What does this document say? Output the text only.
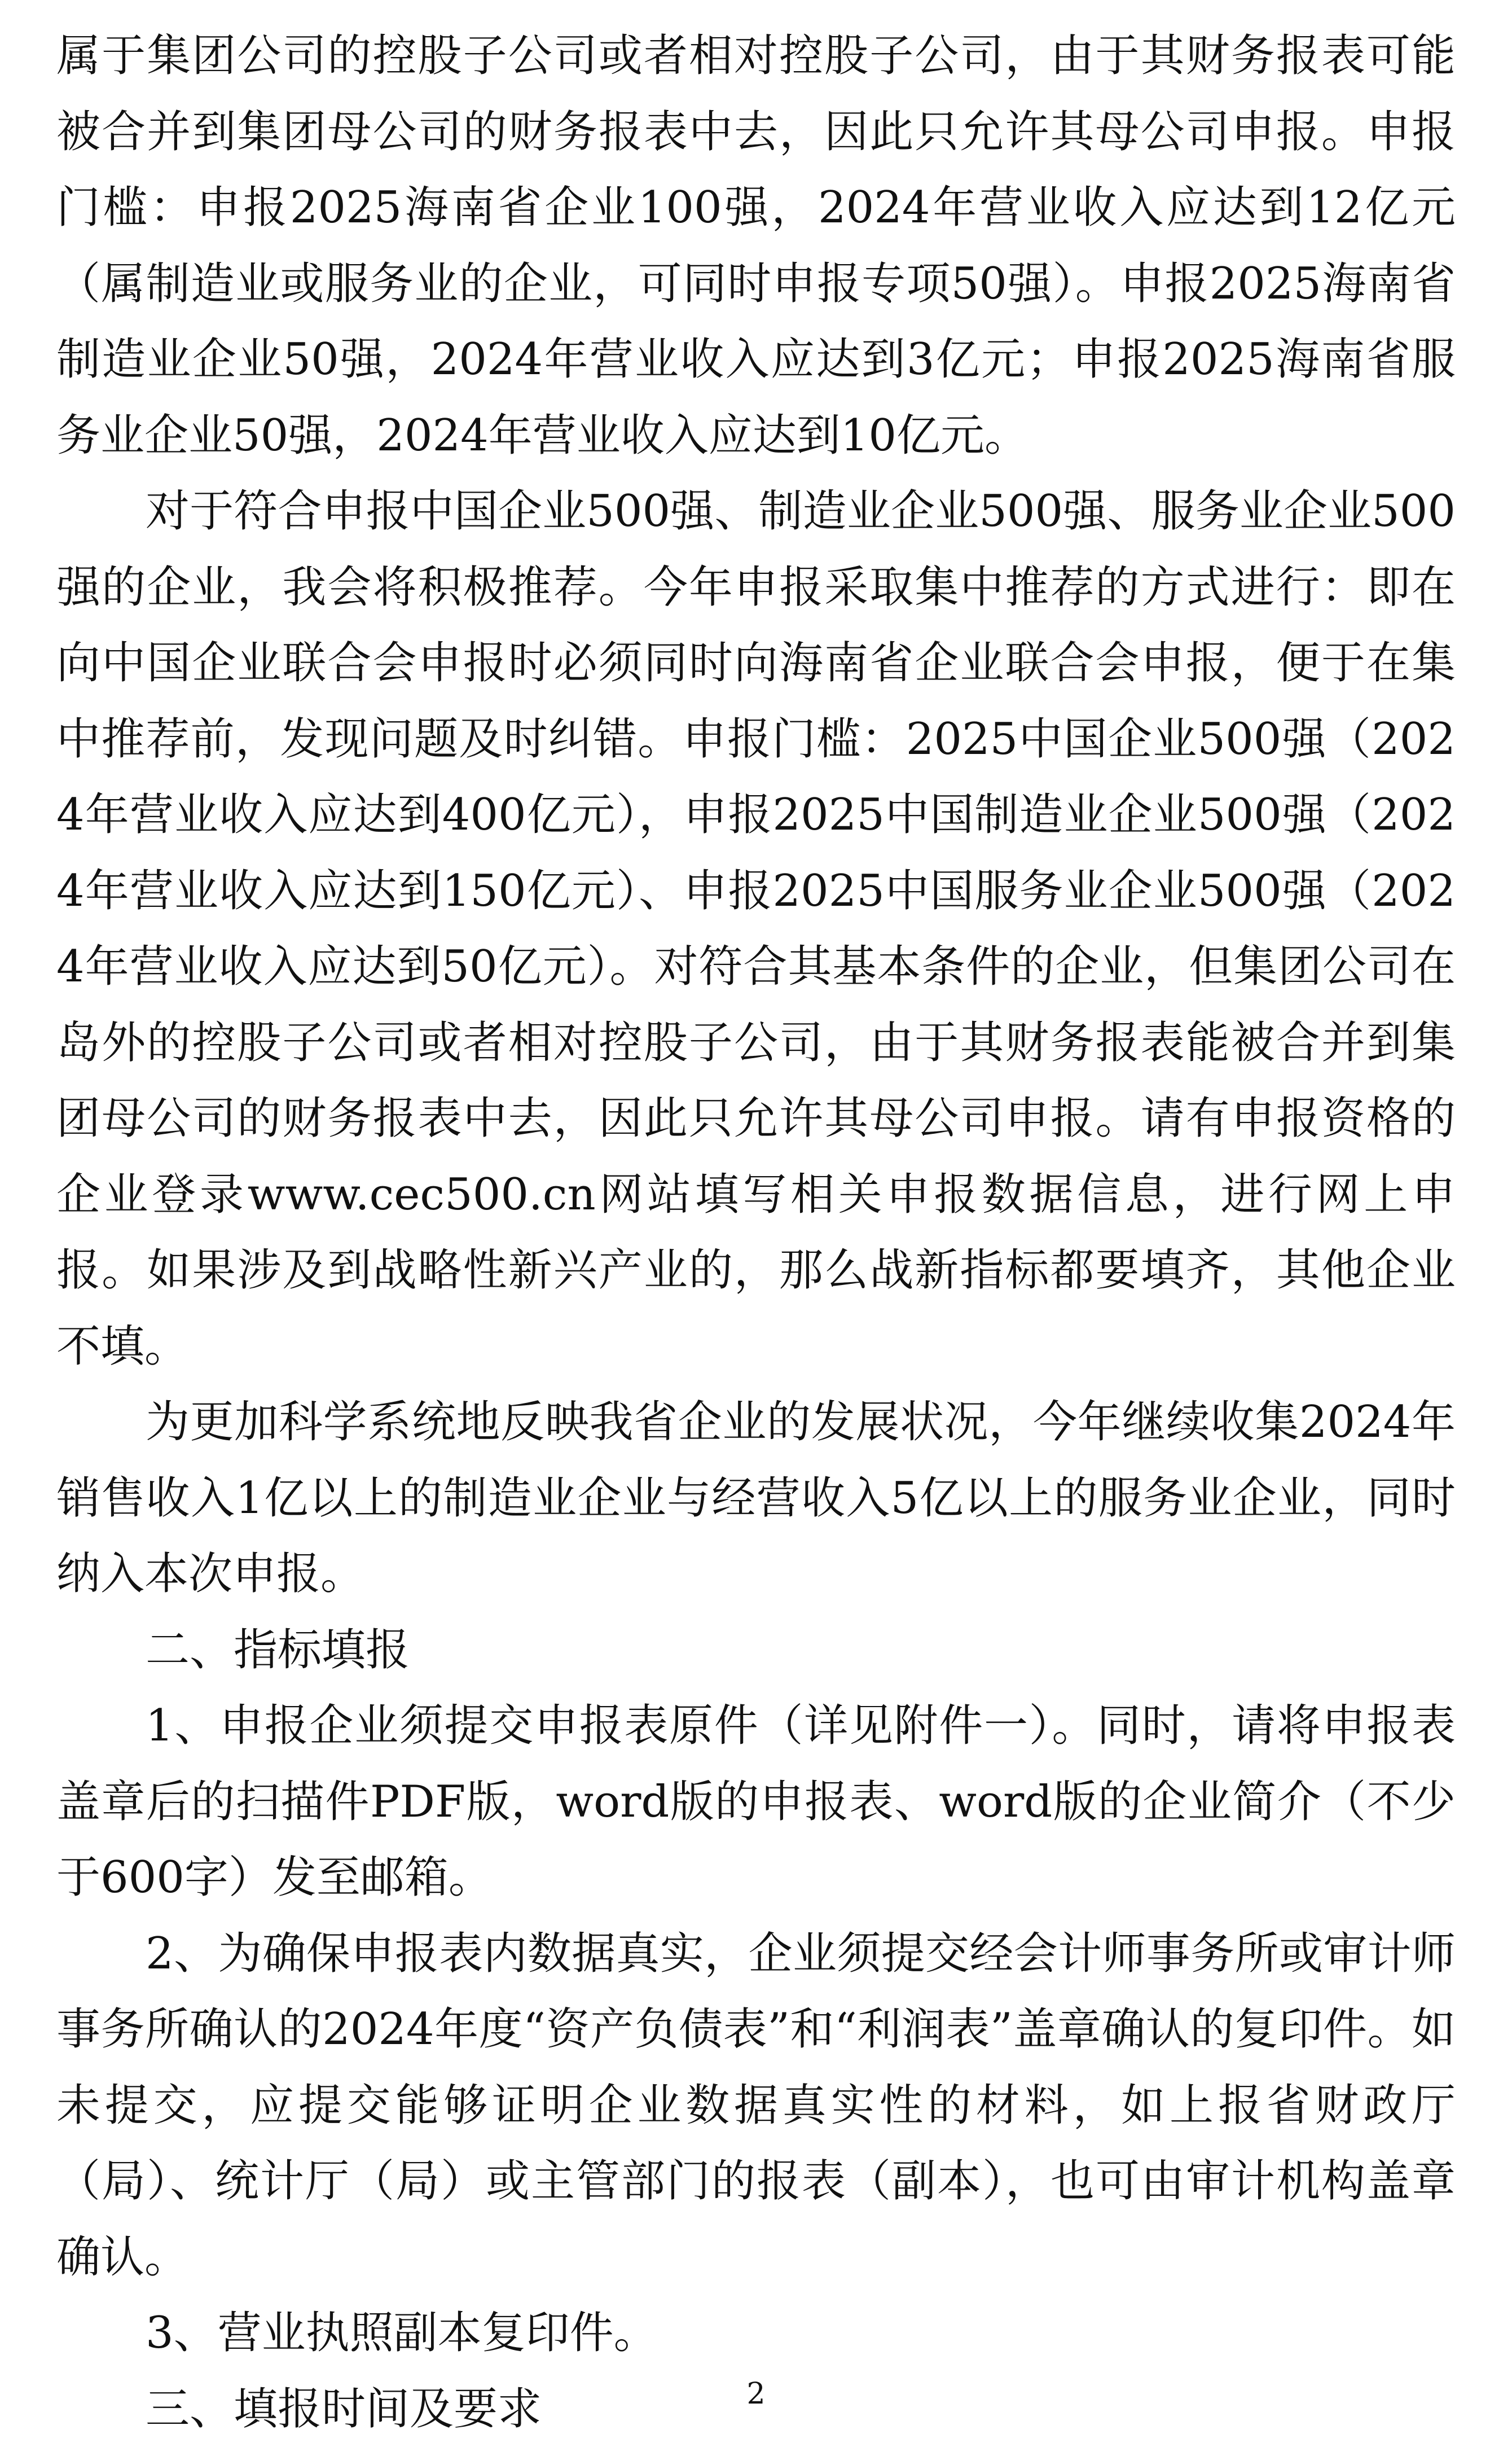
属于集团公司的控股子公司或者相对控股子公司，由于其财务报表可能被合并到集团母公司的财务报表中去，因此只允许其母公司申报。申报门槛：申报2025海南省企业100强，2024年营业收入应达到12亿元（属制造业或服务业的企业，可同时申报专项50强）。申报2025海南省制造业企业50强，2024年营业收入应达到3亿元；申报2025海南省服务业企业50强，2024年营业收入应达到10亿元。

对于符合申报中国企业500强、制造业企业500强、服务业企业500强的企业，我会将积极推荐。今年申报采取集中推荐的方式进行：即在向中国企业联合会申报时必须同时向海南省企业联合会申报，便于在集中推荐前，发现问题及时纠错。申报门槛：2025中国企业500强（2024年营业收入应达到400亿元），申报2025中国制造业企业500强（2024年营业收入应达到150亿元）、申报2025中国服务业企业500强（2024年营业收入应达到50亿元）。对符合其基本条件的企业，但集团公司在岛外的控股子公司或者相对控股子公司，由于其财务报表能被合并到集团母公司的财务报表中去，因此只允许其母公司申报。请有申报资格的企业登录www.cec500.cn网站填写相关申报数据信息，进行网上申报。如果涉及到战略性新兴产业的，那么战新指标都要填齐，其他企业不填。

为更加科学系统地反映我省企业的发展状况，今年继续收集2024年销售收入1亿以上的制造业企业与经营收入5亿以上的服务业企业，同时纳入本次申报。

二、指标填报

1、申报企业须提交申报表原件（详见附件一）。同时，请将申报表盖章后的扫描件PDF版，word版的申报表、word版的企业简介（不少于600字）发至邮箱。

2、为确保申报表内数据真实，企业须提交经会计师事务所或审计师事务所确认的2024年度“资产负债表”和“利润表”盖章确认的复印件。如未提交，应提交能够证明企业数据真实性的材料，如上报省财政厅（局）、统计厅（局）或主管部门的报表（副本），也可由审计机构盖章确认。

3、营业执照副本复印件。

三、填报时间及要求	2
